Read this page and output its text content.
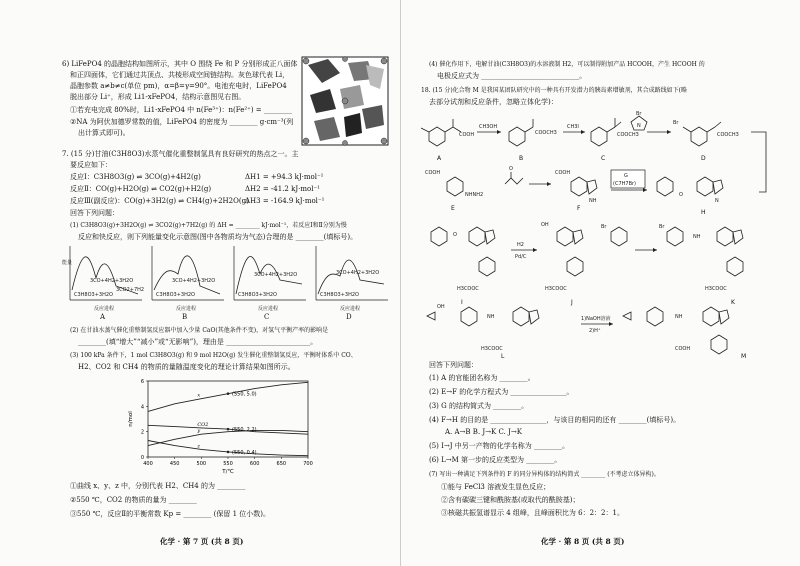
6) LiFePO4 的晶胞结构如图所示，其中 O 围绕 Fe 和 P 分别形成正八面体
和正四面体，它们通过共顶点、共棱形成空间链结构。灰色球代表 Li，
晶胞参数 a≠b≠c(单位 pm)，α=β=γ=90°。电池充电时，LiFePO4
脱出部分 Li⁺，形成 Li1-xFePO4，结构示意图见右图。
①若充电完成 80%时，Li1-xFePO4 中 n(Fe³⁺)：n(Fe²⁺) = ________
②NA 为阿伏加德罗常数的值，LiFePO4 的密度为 ________ g·cm⁻³(列
出计算式即可)。
7. (15 分)甘油(C3H8O3)水蒸气催化重整制氢具有良好研究的热点之一。主
要反应如下：
反应Ⅰ：C3H8O3(g) ⇌ 3CO(g)+4H2(g)	ΔH1 = +94.3 kJ·mol⁻¹
反应Ⅱ：CO(g)+H2O(g) ⇌ CO2(g)+H2(g)	ΔH2 = -41.2 kJ·mol⁻¹
反应Ⅲ(副反应)：CO(g)+3H2(g) ⇌ CH4(g)+2H2O(g)
ΔH3 = -164.9 kJ·mol⁻¹
回答下列问题：
(1) C3H8O3(g)+3H2O(g) ⇌ 3CO2(g)+7H2(g) 的 ΔH = ________ kJ·mol⁻¹，若反应Ⅰ和Ⅱ分别为慢
反应和快反应，则下列能量变化示意图(图中各物质均为气态)合理的是 ________(填标号)。
能量
3CO+4H2+3H2O
C3H8O3+3H2O
3CO2+7H2
3CO+4H2+3H2O
C3H8O3+3H2O
3CO+4H2+3H2O
C3H8O3+3H2O
3CO+4H2+3H2O
C3H8O3+3H2O
反应进程	反应进程	反应进程	反应进程
A	B	C	D
(2) 在甘油水蒸气催化重整制氢反应器中加入少量 CaO(其他条件不变)，对氢气平衡产率的影响是
________(填“增大”“减小”或“无影响”)，理由是 ________________________。
(3) 100 kPa 条件下，1 mol C3H8O3(g) 和 9 mol H2O(g) 发生催化重整制氢反应，平衡时体系中 CO、
H2、CO2 和 CH4 的物质的量随温度变化的理论计算结果如图所示。
400	450	500	550	600	650	700
0
2
4
6
T/℃
n/mol
x
CO2
y
z
(550, 5.0)
(550, 2.2)
(550, 0.4)
①曲线 x、y、z 中，分别代表 H2、CH4 的为 ________
②550 ℃，CO2 的物质的量为 ________
③550 ℃，反应Ⅱ的平衡常数 Kp = ________ (保留 1 位小数)。
化学 · 第 7 页 (共 8 页)
(4) 催化作用下，电解甘油(C3H8O3)的水溶液制 H2，可以制得附加产品 HCOOH，产生 HCOOH 的
电极反应式为 ____________________________。
18. (15 分)化合物 M 是我国某团队研究中的一种具有开发潜力的胰岛素增敏剂，其合成路线如下(略
去部分试剂和反应条件，忽略立体化学)：
COOH
A
CH3OH
COOCH3
B
CH3I
COOCH3
C
Br
N	Br
COOCH3
D
COOH
NHNH2
E
O
COOH
NH
F
G
(C7H7Br)
O
N
H
O
H3COOC
I
H2
Pd/C
OH
H3COOC
J
Br	Br
NH
H3COOC
K
OH
NH
H3COOC
L
1)NaOH溶液
2)H⁺
NH
COOH
M
回答下列问题：
(1) A 的官能团名称为 ________。
(2) E→F 的化学方程式为 ________________。
(3) G 的结构简式为 ________。
(4) F→H 的目的是 ________________，与该目的相同的还有 ________(填标号)。
A. A→B B. J→K C. J→K
(5) I→J 中另一产物的化学名称为 ________。
(6) L→M 第一步的反应类型为 ________。
(7) 写出一种满足下列条件的 F 的同分异构体的结构简式 ________ (不考虑立体异构)。
①能与 FeCl3 溶液发生显色反应；
②含有碳碳三键和酰胺基(或取代的酰胺基)；
③核磁共振氢谱显示 4 组峰，且峰面积比为 6：2：2：1。
化学 · 第 8 页 (共 8 页)
